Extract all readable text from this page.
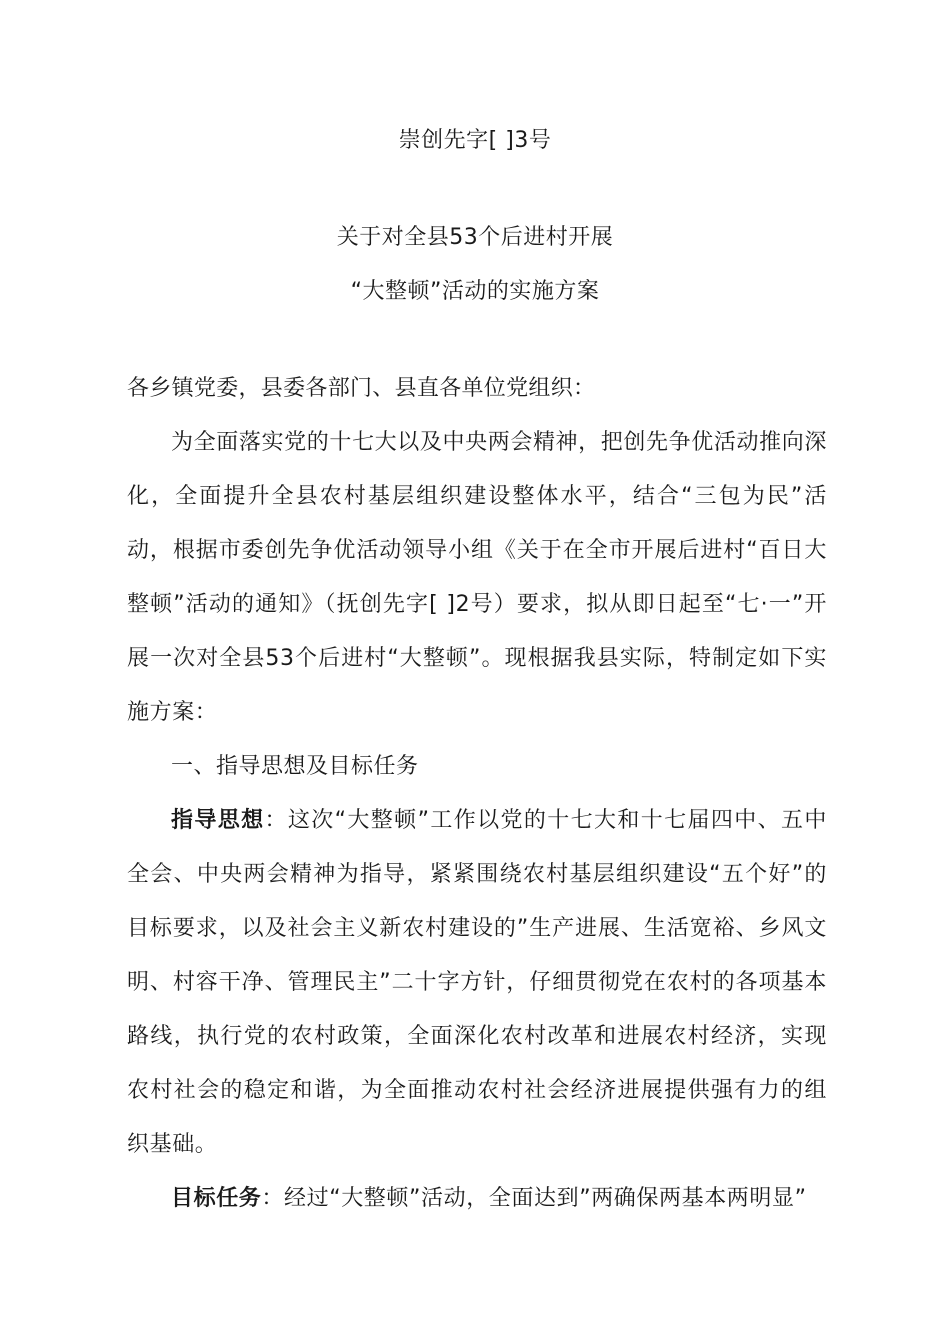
崇创先字[ ]3号
关于对全县53个后进村开展
“大整顿”活动的实施方案
各乡镇党委，县委各部门、县直各单位党组织：

为全面落实党的十七大以及中央两会精神，把创先争优活动推向深化，全面提升全县农村基层组织建设整体水平，结合“三包为民”活动，根据市委创先争优活动领导小组《关于在全市开展后进村“百日大整顿”活动的通知》（抚创先字[ ]2号）要求，拟从即日起至“七·一”开展一次对全县53个后进村“大整顿”。现根据我县实际，特制定如下实施方案：

一、指导思想及目标任务

指导思想：这次“大整顿”工作以党的十七大和十七届四中、五中全会、中央两会精神为指导，紧紧围绕农村基层组织建设“五个好”的目标要求，以及社会主义新农村建设的”生产进展、生活宽裕、乡风文明、村容干净、管理民主”二十字方针，仔细贯彻党在农村的各项基本路线，执行党的农村政策，全面深化农村改革和进展农村经济，实现农村社会的稳定和谐，为全面推动农村社会经济进展提供强有力的组织基础。

目标任务：经过“大整顿”活动，全面达到”两确保两基本两明显”
